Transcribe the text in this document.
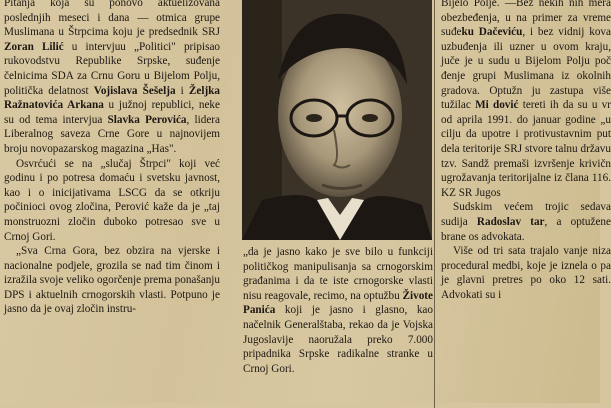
Pitanja koja su ponovo aktuelizovana poslednjih meseci i dana — otmica grupe Muslimana u Štrpcima koju je predsednik SRJ Zoran Lilić u intervjuu „Politici" pripisao rukovodstvu Republike Srpske, suđenje čelnicima SDA za Crnu Goru u Bijelom Polju, politička delatnost Vojislava Šešelja i Željka Ražnatovića Arkana u južnoj republici, neke su od tema intervjua Slavka Perovića, lidera Liberalnog saveza Crne Gore u najnovijem broju novopazarskog magazina „Has".

Osvrćući se na „slučaj Štrpci" koji već godinu i po potresa domaću i svetsku javnost, kao i o inicijativama LSCG da se otkriju počinioci ovog zločina, Perović kaže da je „taj monstruozni zločin duboko potresao sve u Crnoj Gori.

„Sva Crna Gora, bez obzira na vjerske i nacionalne podjele, grozila se nad tim činom i izražila svoje veliko ogorčenje prema ponašanju DPS i aktuelnih crnogorskih vlasti. Potpuno je jasno da je ovaj zločin instru-

„da je jasno kako je sve bilo u funkciji političkog manipulisanja sa crnogorskim građanima i da te iste crnogorske vlasti nisu reagovale, recimo, na optužbu Živote Panića koji je jasno i glasno, kao načelnik Generalštaba, rekao da je Vojska Jugoslavije naoružala preko 7.000 pripadnika Srpske radikalne stranke u Crnoj Gori.

Bijelo Polje. —Bez nekih nih mera obezbeđenja, u na primer za vreme suđeku Dačeviću, i bez vidnij kova uzbuđenja ili uzner u ovom kraju, juče je u sudu u Bijelom Polju poč đenje grupi Muslimana iz okolnih gradova. Optužn ju zastupa više tužilac Mi dović tereti ih da su u vr od aprila 1991. do januar godine „u cilju da upotre i protivustavnim put dela teritorije SRJ stvore talnu državu tzv. Sandž premaši izvršenje krivičn ugrožavanja teritorijalne iz člana 116. KZ SR Jugos

Sudskim većem trojic sedava sudija Radoslav tar, a optužene brane os advokata.

Više od tri sata trajalo vanje niza procedural medbi, koje je iznela o pa je glavni pretres po oko 12 sati. Advokati su i
